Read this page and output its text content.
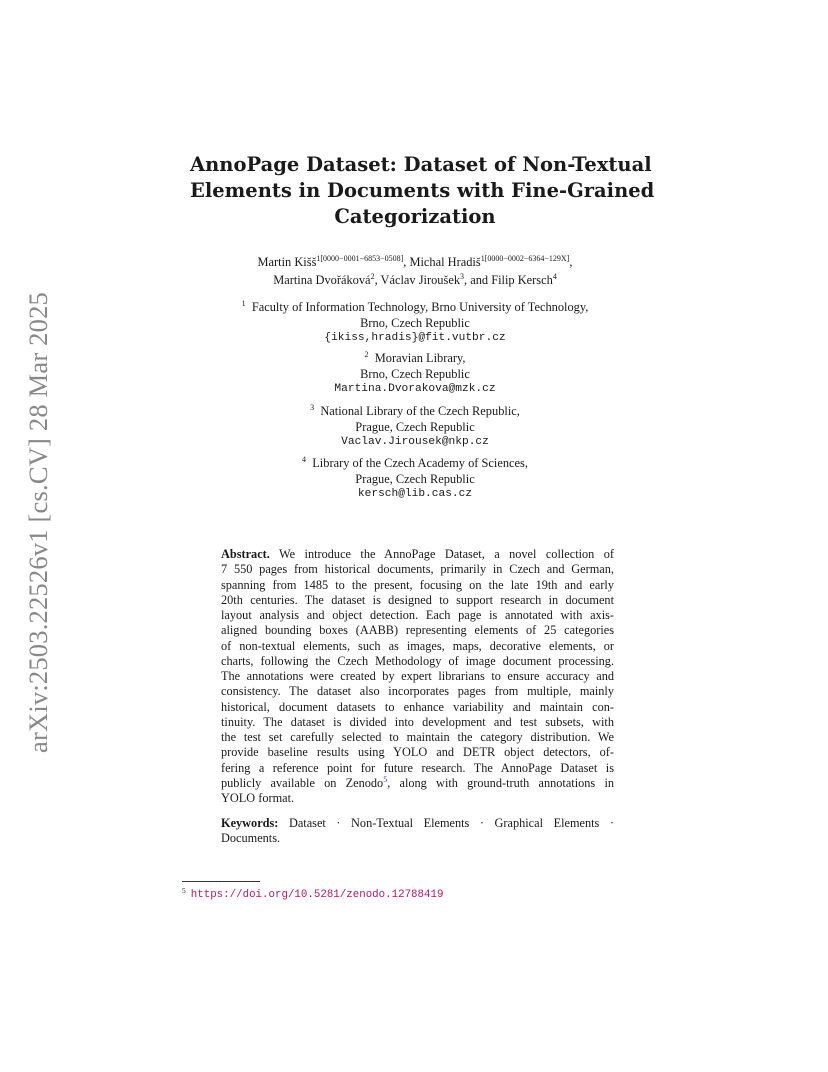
arXiv:2503.22526v1 [cs.CV] 28 Mar 2025
AnnoPage Dataset: Dataset of Non-Textual
Elements in Documents with Fine-Grained
Categorization
Martin Kišš$^{1[0000-0001-6853-0508]}$, Michal Hradiš$^{1[0000-0002-6364-129X]}$,
Martina Dvořáková$^2$, Václav Jiroušek$^3$, and Filip Kersch$^4$
$^1$ Faculty of Information Technology, Brno University of Technology,
Brno, Czech Republic
{ikiss,hradis}@fit.vutbr.cz
$^2$ Moravian Library,
Brno, Czech Republic
Martina.Dvorakova@mzk.cz
$^3$ National Library of the Czech Republic,
Prague, Czech Republic
Vaclav.Jirousek@nkp.cz
$^4$ Library of the Czech Academy of Sciences,
Prague, Czech Republic
kersch@lib.cas.cz
Abstract. We introduce the AnnoPage Dataset, a novel collection of
7 550 pages from historical documents, primarily in Czech and German,
spanning from 1485 to the present, focusing on the late 19th and early
20th centuries. The dataset is designed to support research in document
layout analysis and object detection. Each page is annotated with axis-
aligned bounding boxes (AABB) representing elements of 25 categories
of non-textual elements, such as images, maps, decorative elements, or
charts, following the Czech Methodology of image document processing.
The annotations were created by expert librarians to ensure accuracy and
consistency. The dataset also incorporates pages from multiple, mainly
historical, document datasets to enhance variability and maintain con-
tinuity. The dataset is divided into development and test subsets, with
the test set carefully selected to maintain the category distribution. We
provide baseline results using YOLO and DETR object detectors, of-
fering a reference point for future research. The AnnoPage Dataset is
publicly available on Zenodo$^5$, along with ground-truth annotations in
YOLO format.
Keywords: Dataset · Non-Textual Elements · Graphical Elements ·
Documents.
$^5$ https://doi.org/10.5281/zenodo.12788419
